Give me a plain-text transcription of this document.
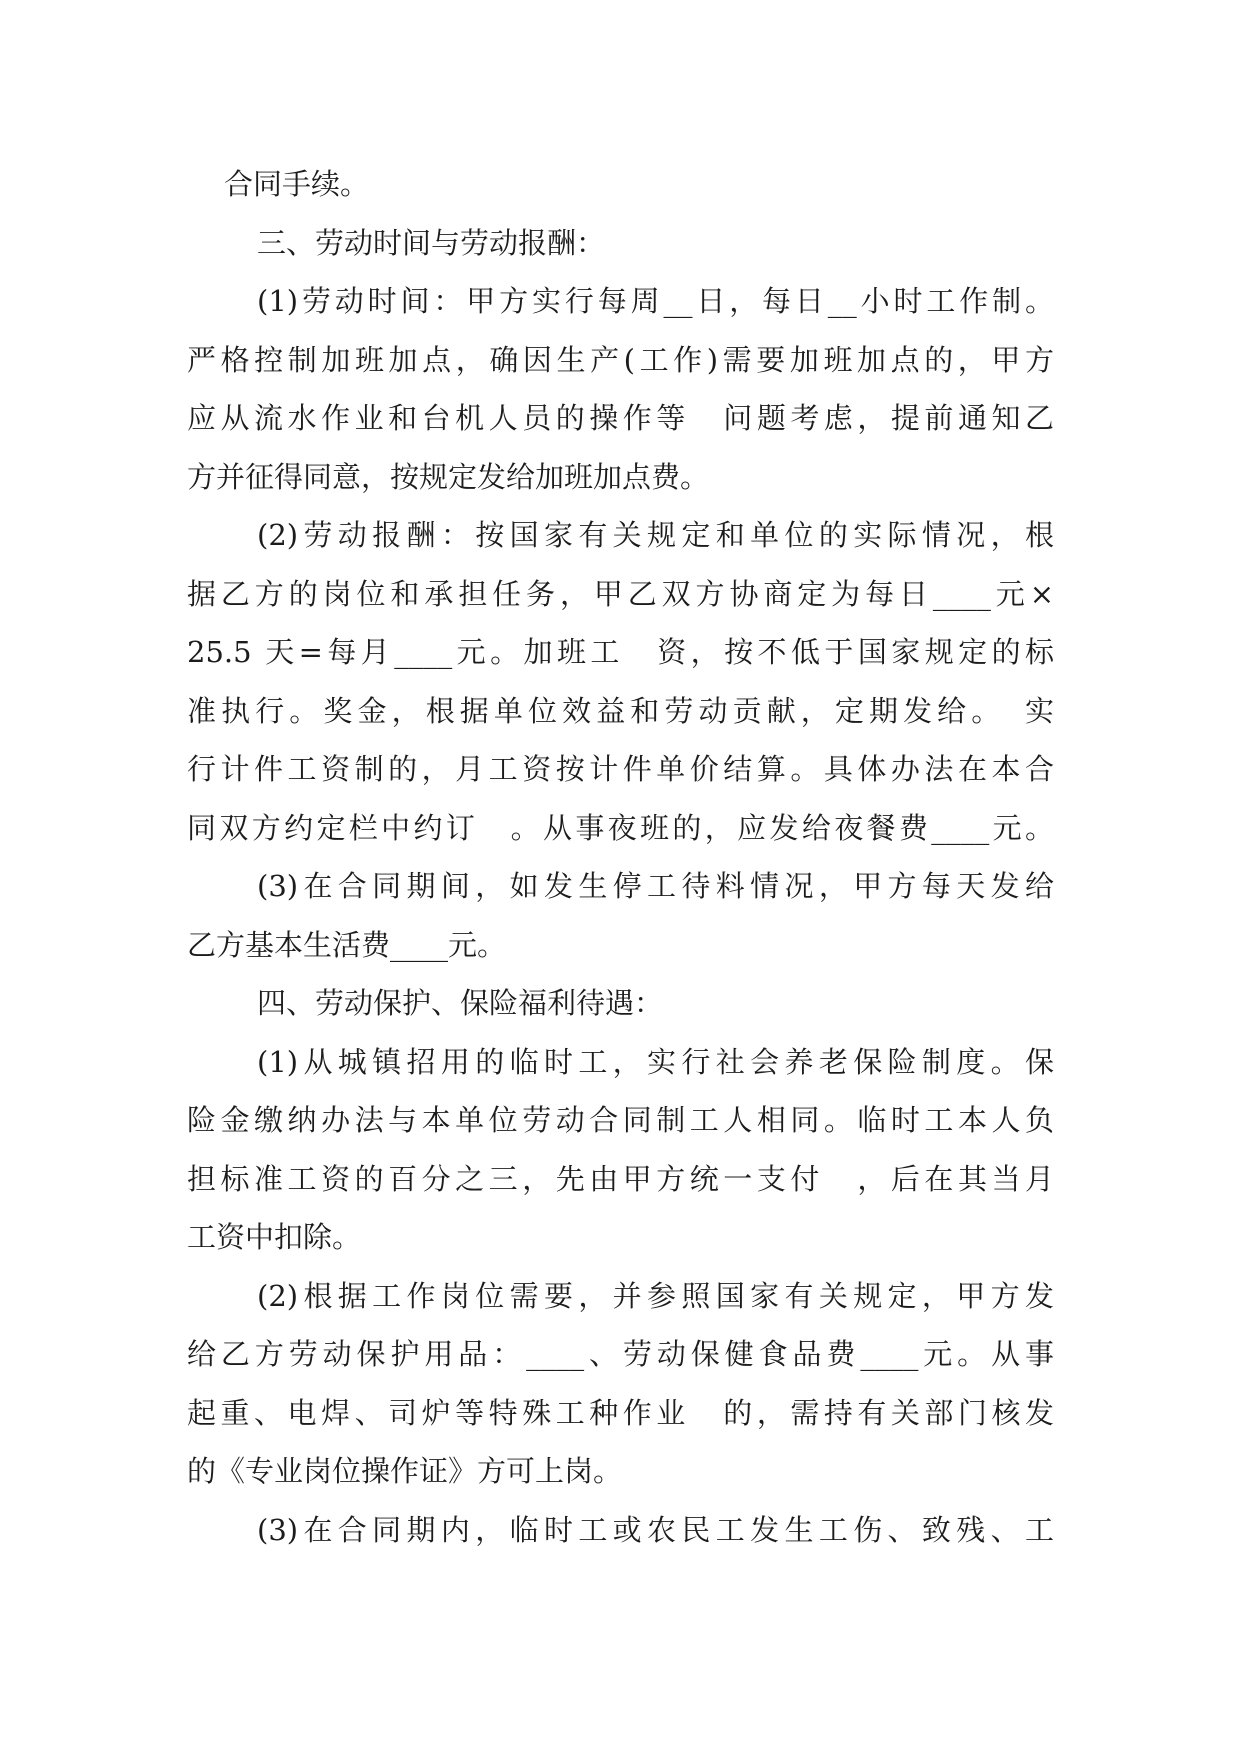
合同手续。
三、劳动时间与劳动报酬：
(1)劳动时间：甲方实行每周__日，每日__小时工作制。
严格控制加班加点，确因生产(工作)需要加班加点的，甲方
应从流水作业和台机人员的操作等　问题考虑，提前通知乙
方并征得同意，按规定发给加班加点费。
(2)劳动报酬：按国家有关规定和单位的实际情况，根
据乙方的岗位和承担任务，甲乙双方协商定为每日____元×
25.5 天=每月____元。加班工　资，按不低于国家规定的标
准执行。奖金，根据单位效益和劳动贡献，定期发给。　实
行计件工资制的，月工资按计件单价结算。具体办法在本合
同双方约定栏中约订　。从事夜班的，应发给夜餐费____元。
(3)在合同期间，如发生停工待料情况，甲方每天发给
乙方基本生活费____元。
四、劳动保护、保险福利待遇：
(1)从城镇招用的临时工，实行社会养老保险制度。保
险金缴纳办法与本单位劳动合同制工人相同。临时工本人负
担标准工资的百分之三，先由甲方统一支付　，后在其当月
工资中扣除。
(2)根据工作岗位需要，并参照国家有关规定，甲方发
给乙方劳动保护用品：____、劳动保健食品费____元。从事
起重、电焊、司炉等特殊工种作业　的，需持有关部门核发
的《专业岗位操作证》方可上岗。
(3)在合同期内，临时工或农民工发生工伤、致残、工
